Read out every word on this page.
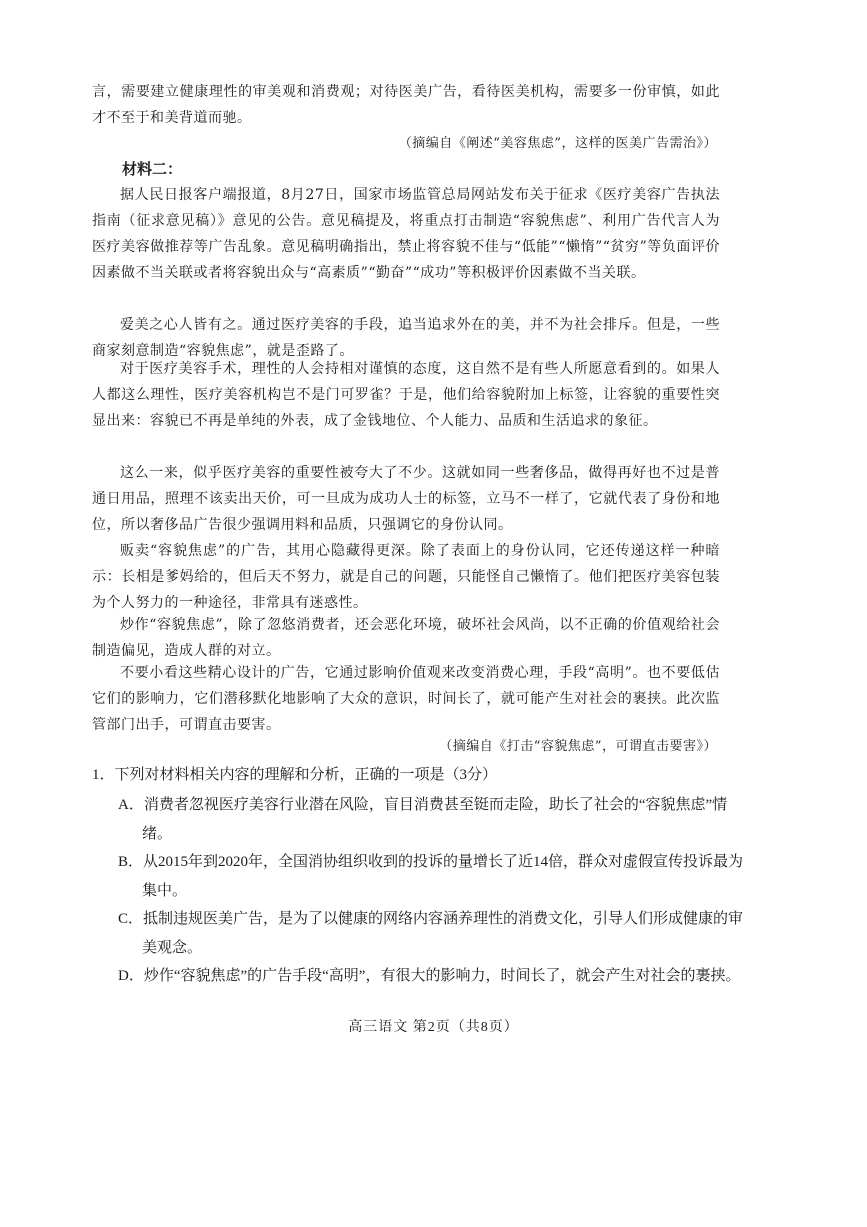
言，需要建立健康理性的审美观和消费观；对待医美广告，看待医美机构，需要多一份审慎，如此才不至于和美背道而驰。

（摘编自《阐述“美容焦虑”，这样的医美广告需治》）

材料二：

据人民日报客户端报道，8月27日，国家市场监管总局网站发布关于征求《医疗美容广告执法指南（征求意见稿）》意见的公告。意见稿提及，将重点打击制造“容貌焦虑”、利用广告代言人为医疗美容做推荐等广告乱象。意见稿明确指出，禁止将容貌不佳与“低能”“懒惰”“贫穷”等负面评价因素做不当关联或者将容貌出众与“高素质”“勤奋”“成功”等积极评价因素做不当关联。

爱美之心人皆有之。通过医疗美容的手段，追当追求外在的美，并不为社会排斥。但是，一些商家刻意制造“容貌焦虑”，就是歪路了。

对于医疗美容手术，理性的人会持相对谨慎的态度，这自然不是有些人所愿意看到的。如果人人都这么理性，医疗美容机构岂不是门可罗雀？于是，他们给容貌附加上标签，让容貌的重要性突显出来：容貌已不再是单纯的外表，成了金钱地位、个人能力、品质和生活追求的象征。

这么一来，似乎医疗美容的重要性被夸大了不少。这就如同一些奢侈品，做得再好也不过是普通日用品，照理不该卖出天价，可一旦成为成功人士的标签，立马不一样了，它就代表了身份和地位，所以奢侈品广告很少强调用料和品质，只强调它的身份认同。

贩卖“容貌焦虑”的广告，其用心隐藏得更深。除了表面上的身份认同，它还传递这样一种暗示：长相是爹妈给的，但后天不努力，就是自己的问题，只能怪自己懒惰了。他们把医疗美容包装为个人努力的一种途径，非常具有迷惑性。

炒作“容貌焦虑”，除了忽悠消费者，还会恶化环境，破坏社会风尚，以不正确的价值观给社会制造偏见，造成人群的对立。

不要小看这些精心设计的广告，它通过影响价值观来改变消费心理，手段“高明”。也不要低估它们的影响力，它们潜移默化地影响了大众的意识，时间长了，就可能产生对社会的裹挟。此次监管部门出手，可谓直击要害。

（摘编自《打击“容貌焦虑”，可谓直击要害》）

1．下列对材料相关内容的理解和分析，正确的一项是（3分）

A．消费者忽视医疗美容行业潜在风险，盲目消费甚至铤而走险，助长了社会的“容貌焦虑”情绪。

B．从2015年到2020年，全国消协组织收到的投诉的量增长了近14倍，群众对虚假宣传投诉最为集中。

C．抵制违规医美广告，是为了以健康的网络内容涵养理性的消费文化，引导人们形成健康的审美观念。

D．炒作“容貌焦虑”的广告手段“高明”，有很大的影响力，时间长了，就会产生对社会的裹挟。

高三语文 第2页（共8页）
